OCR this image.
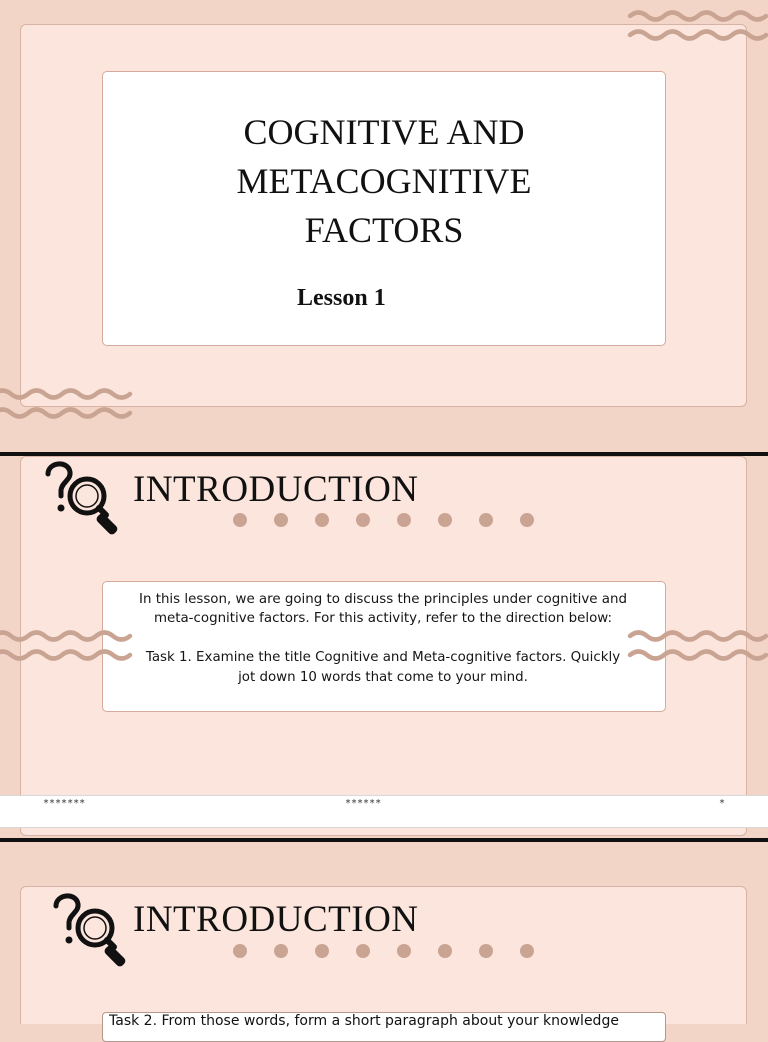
COGNITIVE AND
METACOGNITIVE
FACTORS
Lesson 1
INTRODUCTION
In this lesson, we are going to discuss the principles under cognitive and
meta-cognitive factors. For this activity, refer to the direction below:

Task 1. Examine the title Cognitive and Meta-cognitive factors. Quickly
jot down 10 words that come to your mind.
*******	******	*
INTRODUCTION
Task 2. From those words, form a short paragraph about your knowledge
